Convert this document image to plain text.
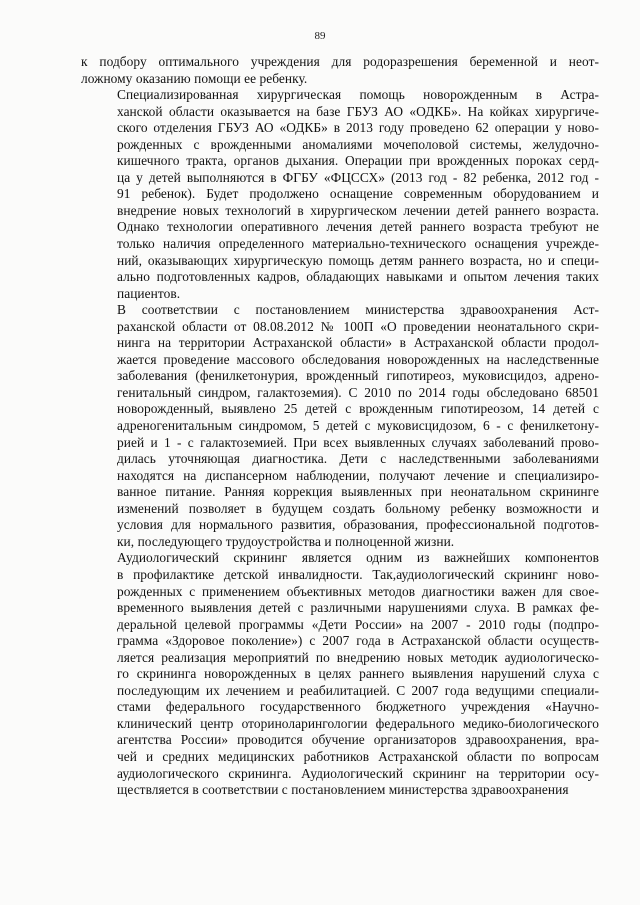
89

к подбору оптимального учреждения для родоразрешения беременной и неот-
ложному оказанию помощи ее ребенку.

Специализированная хирургическая помощь новорожденным в Астра-
ханской области оказывается на базе ГБУЗ АО «ОДКБ». На койках хирургиче-
ского отделения ГБУЗ АО «ОДКБ» в 2013 году проведено 62 операции у ново-
рожденных с врожденными аномалиями мочеполовой системы, желудочно-
кишечного тракта, органов дыхания. Операции при врожденных пороках серд-
ца у детей выполняются в ФГБУ «ФЦССХ» (2013 год - 82 ребенка, 2012 год -
91 ребенок). Будет продолжено оснащение современным оборудованием и
внедрение новых технологий в хирургическом лечении детей раннего возраста.
Однако технологии оперативного лечения детей раннего возраста требуют не
только наличия определенного материально-технического оснащения учрежде-
ний, оказывающих хирургическую помощь детям раннего возраста, но и специ-
ально подготовленных кадров, обладающих навыками и опытом лечения таких
пациентов.

В соответствии с постановлением министерства здравоохранения Аст-
раханской области от 08.08.2012 № 100П «О проведении неонатального скри-
нинга на территории Астраханской области» в Астраханской области продол-
жается проведение массового обследования новорожденных на наследственные
заболевания (фенилкетонурия, врожденный гипотиреоз, муковисцидоз, адрено-
генитальный синдром, галактоземия). С 2010 по 2014 годы обследовано 68501
новорожденный, выявлено 25 детей с врожденным гипотиреозом, 14 детей с
адреногенитальным синдромом, 5 детей с муковисцидозом, 6 - с фенилкетону-
рией и 1 - с галактоземией. При всех выявленных случаях заболеваний прово-
дилась уточняющая диагностика. Дети с наследственными заболеваниями
находятся на диспансерном наблюдении, получают лечение и специализиро-
ванное питание. Ранняя коррекция выявленных при неонатальном скрининге
изменений позволяет в будущем создать больному ребенку возможности и
условия для нормального развития, образования, профессиональной подготов-
ки, последующего трудоустройства и полноценной жизни.

Аудиологический скрининг является одним из важнейших компонентов
в профилактике детской инвалидности. Так,аудиологический скрининг ново-
рожденных с применением объективных методов диагностики важен для свое-
временного выявления детей с различными нарушениями слуха. В рамках фе-
деральной целевой программы «Дети России» на 2007 - 2010 годы (подпро-
грамма «Здоровое поколение») с 2007 года в Астраханской области осуществ-
ляется реализация мероприятий по внедрению новых методик аудиологическо-
го скрининга новорожденных в целях раннего выявления нарушений слуха с
последующим их лечением и реабилитацией. С 2007 года ведущими специали-
стами федерального государственного бюджетного учреждения «Научно-
клинический центр оториноларингологии федерального медико-биологического
агентства России» проводится обучение организаторов здравоохранения, вра-
чей и средних медицинских работников Астраханской области по вопросам
аудиологического скрининга. Аудиологический скрининг на территории осу-
ществляется в соответствии с постановлением министерства здравоохранения
